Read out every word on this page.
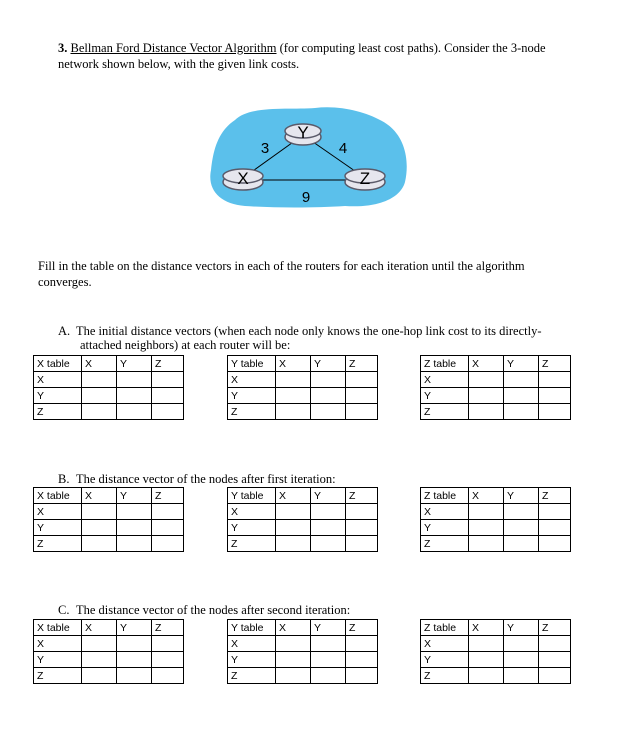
3. Bellman Ford Distance Vector Algorithm (for computing least cost paths). Consider the 3-node
network shown below, with the given link costs.
Y
X	Z
3	4
9
Fill in the table on the distance vectors in each of the routers for each iteration until the algorithm
converges.
A. The initial distance vectors (when each node only knows the one-hop link cost to its directly-
attached neighbors) at each router will be:
B. The distance vector of the nodes after first iteration:
C. The distance vector of the nodes after second iteration:
X table	X	Y	Z
X			
Y			
Z			
Y table	X	Y	Z
X			
Y			
Z			
Z table	X	Y	Z
X			
Y			
Z			
X table	X	Y	Z
X			
Y			
Z			
Y table	X	Y	Z
X			
Y			
Z			
Z table	X	Y	Z
X			
Y			
Z			
X table	X	Y	Z
X			
Y			
Z			
Y table	X	Y	Z
X			
Y			
Z			
Z table	X	Y	Z
X			
Y			
Z			
